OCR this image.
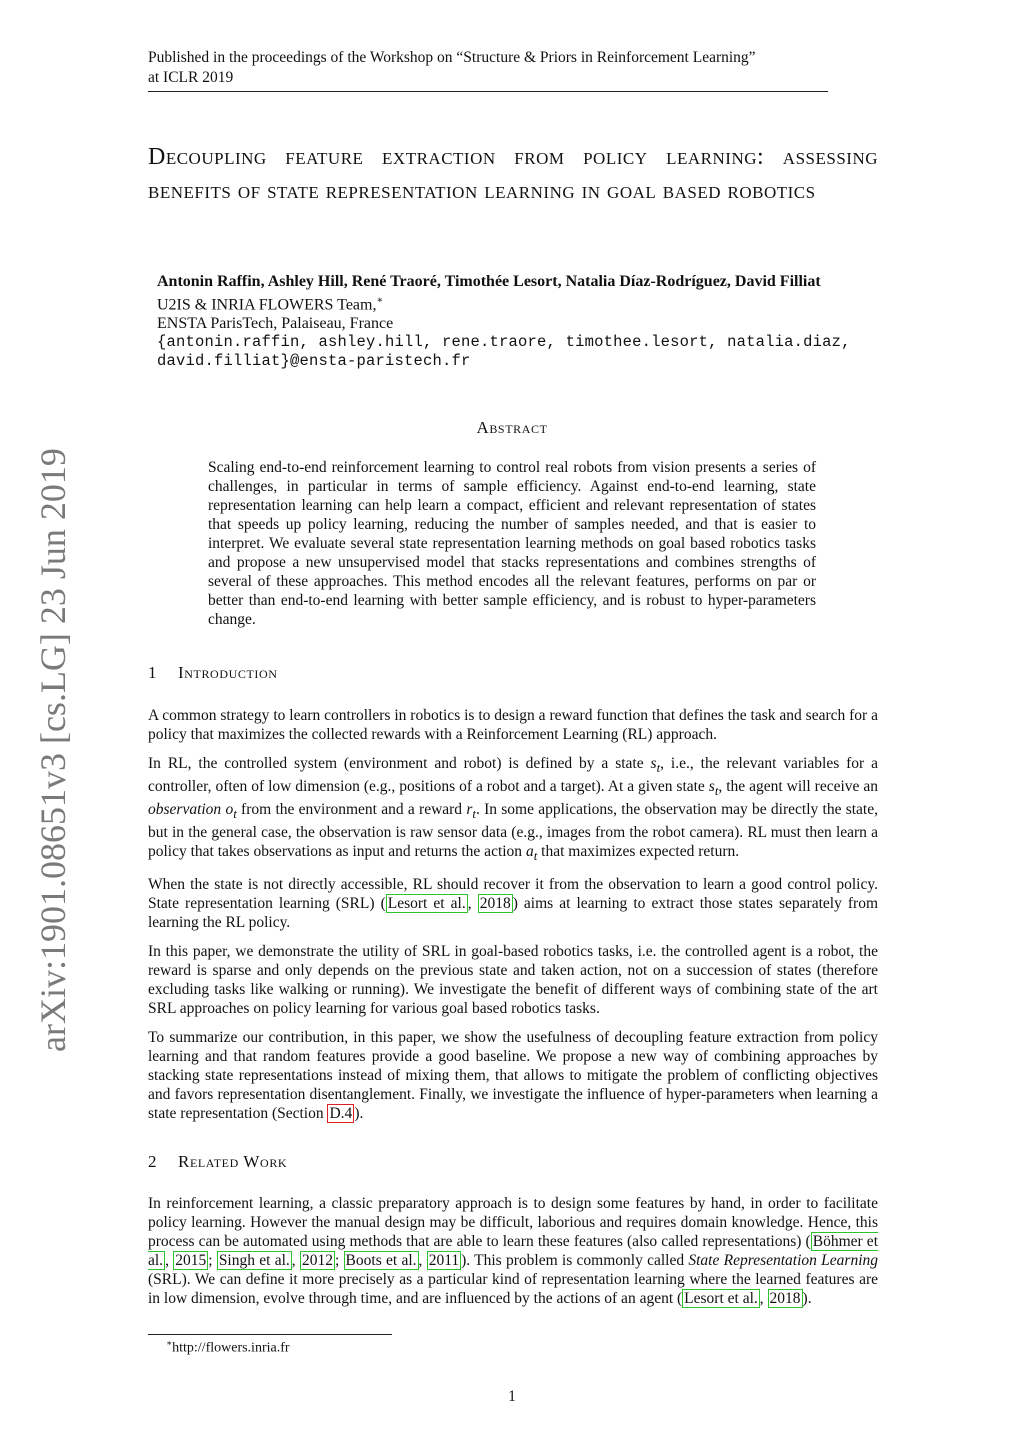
Published in the proceedings of the Workshop on “Structure & Priors in Reinforcement Learning”
at ICLR 2019
Decoupling feature extraction from policy learning: assessing benefits of state representation learning in goal based robotics
Antonin Raffin, Ashley Hill, René Traoré, Timothée Lesort, Natalia Díaz-Rodríguez, David Filliat
U2IS & INRIA FLOWERS Team,∗
ENSTA ParisTech, Palaiseau, France
{antonin.raffin, ashley.hill, rene.traore, timothee.lesort, natalia.diaz,
david.filliat}@ensta-paristech.fr
Abstract
Scaling end-to-end reinforcement learning to control real robots from vision presents a series of challenges, in particular in terms of sample efficiency. Against end-to-end learning, state representation learning can help learn a compact, efficient and relevant representation of states that speeds up policy learning, reducing the number of samples needed, and that is easier to interpret. We evaluate several state representation learning methods on goal based robotics tasks and propose a new unsupervised model that stacks representations and combines strengths of several of these approaches. This method encodes all the relevant features, performs on par or better than end-to-end learning with better sample efficiency, and is robust to hyper-parameters change.
arXiv:1901.08651v3 [cs.LG] 23 Jun 2019	1 Introduction

A common strategy to learn controllers in robotics is to design a reward function that defines the task and search for a policy that maximizes the collected rewards with a Reinforcement Learning (RL) approach.

In RL, the controlled system (environment and robot) is defined by a state $s_t$, i.e., the relevant variables for a controller, often of low dimension (e.g., positions of a robot and a target). At a given state $s_t$, the agent will receive an observation $o_t$ from the environment and a reward $r_t$. In some applications, the observation may be directly the state, but in the general case, the observation is raw sensor data (e.g., images from the robot camera). RL must then learn a policy that takes observations as input and returns the action $a_t$ that maximizes expected return.

When the state is not directly accessible, RL should recover it from the observation to learn a good control policy. State representation learning (SRL) ( Lesort et al. , 2018 ) aims at learning to extract those states separately from learning the RL policy.

In this paper, we demonstrate the utility of SRL in goal-based robotics tasks, i.e. the controlled agent is a robot, the reward is sparse and only depends on the previous state and taken action, not on a succession of states (therefore excluding tasks like walking or running). We investigate the benefit of different ways of combining state of the art SRL approaches on policy learning for various goal based robotics tasks.

To summarize our contribution, in this paper, we show the usefulness of decoupling feature extraction from policy learning and that random features provide a good baseline. We propose a new way of combining approaches by stacking state representations instead of mixing them, that allows to mitigate the problem of conflicting objectives and favors representation disentanglement. Finally, we investigate the influence of hyper-parameters when learning a state representation (Section D.4 ).

2 Related Work

In reinforcement learning, a classic preparatory approach is to design some features by hand, in order to facilitate policy learning. However the manual design may be difficult, laborious and requires domain knowledge. Hence, this process can be automated using methods that are able to learn these features (also called representations) ( Böhmer et al. , 2015 ; Singh et al. , 2012 ; Boots et al. , 2011 ). This problem is commonly called State Representation Learning (SRL). We can define it more precisely as a particular kind of representation learning where the learned features are in low dimension, evolve through time, and are influenced by the actions of an agent ( Lesort et al. , 2018 ).

∗http://flowers.inria.fr
1
